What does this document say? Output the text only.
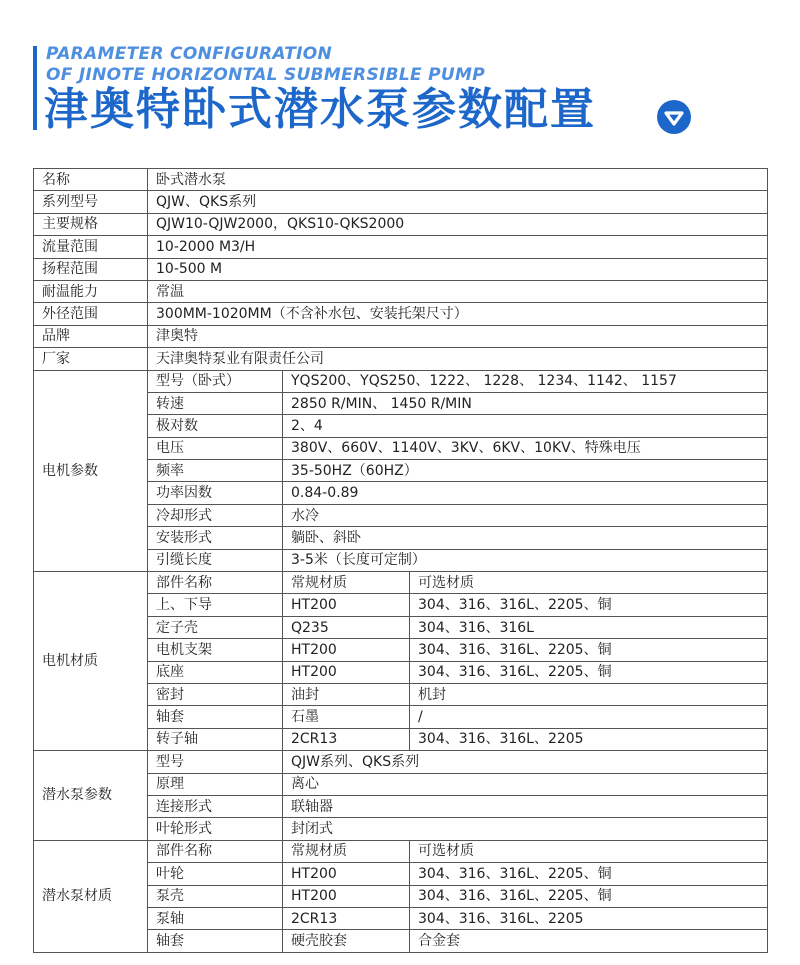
PARAMETER CONFIGURATION
OF JINOTE HORIZONTAL SUBMERSIBLE PUMP
津奥特卧式潜水泵参数配置
名称	卧式潜水泵		
系列型号	QJW、QKS系列		
主要规格	QJW10-QJW2000，QKS10-QKS2000		
流量范围	10-2000 M3/H		
扬程范围	10-500 M		
耐温能力	常温		
外径范围	300MM-1020MM（不含补水包、安装托架尺寸）		
品牌	津奥特		
厂家	天津奥特泵业有限责任公司		
电机参数	型号（卧式）	YQS200、YQS250、1222、 1228、 1234、1142、 1157	
	转速	2850 R/MIN、 1450 R/MIN	
	极对数	2、4	
	电压	380V、660V、1140V、3KV、6KV、10KV、特殊电压	
	频率	35-50HZ（60HZ）	
	功率因数	0.84-0.89	
	冷却形式	水冷	
	安装形式	躺卧、斜卧	
	引缆长度	3-5米（长度可定制）	
电机材质	部件名称	常规材质	可选材质
	上、下导	HT200	304、316、316L、2205、铜
	定子壳	Q235	304、316、316L
	电机支架	HT200	304、316、316L、2205、铜
	底座	HT200	304、316、316L、2205、铜
	密封	油封	机封
	轴套	石墨	/
	转子轴	2CR13	304、316、316L、2205
潜水泵参数	型号	QJW系列、QKS系列	
	原理	离心	
	连接形式	联轴器	
	叶轮形式	封闭式	
潜水泵材质	部件名称	常规材质	可选材质
	叶轮	HT200	304、316、316L、2205、铜
	泵壳	HT200	304、316、316L、2205、铜
	泵轴	2CR13	304、316、316L、2205
	轴套	硬壳胶套	合金套
